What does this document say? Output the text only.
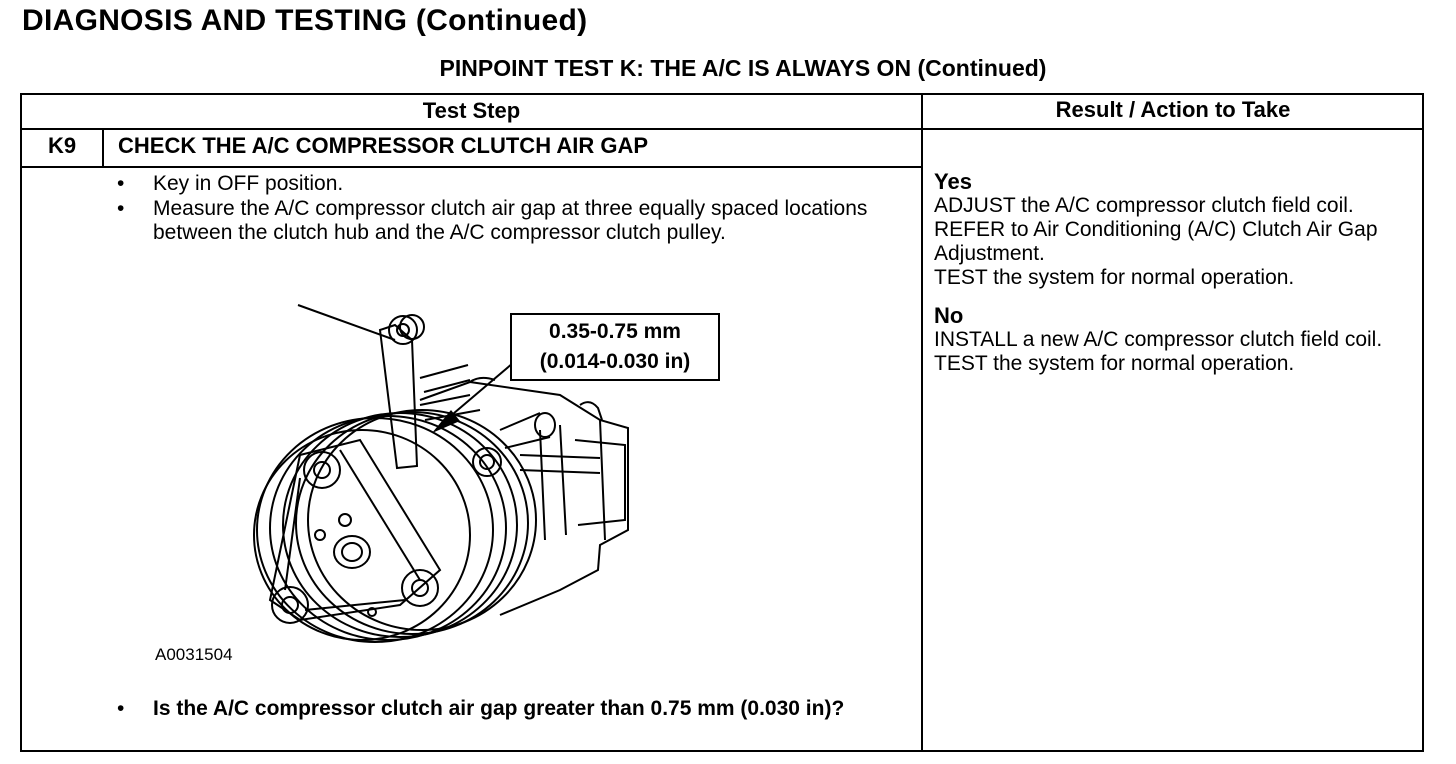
DIAGNOSIS AND TESTING (Continued)
PINPOINT TEST K: THE A/C IS ALWAYS ON (Continued)
Test Step	Result / Action to Take
K9	CHECK THE A/C COMPRESSOR CLUTCH AIR GAP
• Key in OFF position.
• Measure the A/C compressor clutch air gap at three equally spaced locations between the clutch hub and the A/C compressor clutch pulley.
0.35-0.75 mm
(0.014-0.030 in)
A0031504
• Is the A/C compressor clutch air gap greater than 0.75 mm (0.030 in)?
Yes
ADJUST the A/C compressor clutch field coil. REFER to Air Conditioning (A/C) Clutch Air Gap Adjustment.
TEST the system for normal operation.
No
INSTALL a new A/C compressor clutch field coil. TEST the system for normal operation.
